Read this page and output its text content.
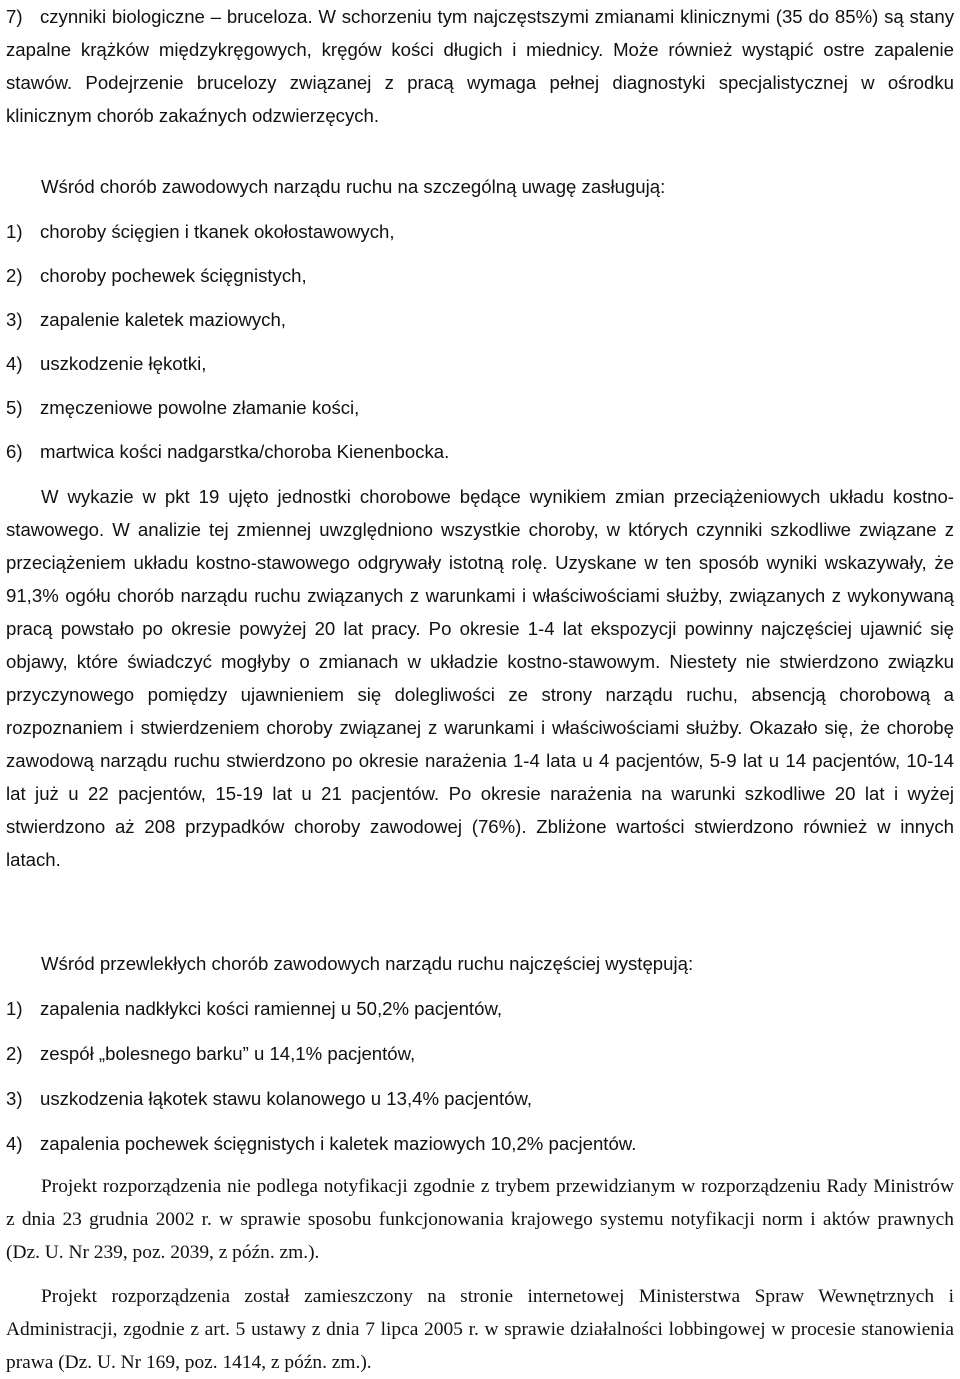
7) czynniki biologiczne – bruceloza. W schorzeniu tym najczęstszymi zmianami klinicznymi (35 do 85%) są stany zapalne krążków międzykręgowych, kręgów kości długich i miednicy. Może również wystąpić ostre zapalenie stawów. Podejrzenie brucelozy związanej z pracą wymaga pełnej diagnostyki specjalistycznej w ośrodku klinicznym chorób zakaźnych odzwierzęcych.
Wśród chorób zawodowych narządu ruchu na szczególną uwagę zasługują:
1) choroby ścięgien i tkanek okołostawowych,
2) choroby pochewek ścięgnistych,
3) zapalenie kaletek maziowych,
4) uszkodzenie łękotki,
5) zmęczeniowe powolne złamanie kości,
6) martwica kości nadgarstka/choroba Kienenbocka.
W wykazie w pkt 19 ujęto jednostki chorobowe będące wynikiem zmian przeciążeniowych układu kostno-stawowego. W analizie tej zmiennej uwzględniono wszystkie choroby, w których czynniki szkodliwe związane z przeciążeniem układu kostno-stawowego odgrywały istotną rolę. Uzyskane w ten sposób wyniki wskazywały, że 91,3% ogółu chorób narządu ruchu związanych z warunkami i właściwościami służby, związanych z wykonywaną pracą powstało po okresie powyżej 20 lat pracy. Po okresie 1-4 lat ekspozycji powinny najczęściej ujawnić się objawy, które świadczyć mogłyby o zmianach w układzie kostno-stawowym. Niestety nie stwierdzono związku przyczynowego pomiędzy ujawnieniem się dolegliwości ze strony narządu ruchu, absencją chorobową a rozpoznaniem i stwierdzeniem choroby związanej z warunkami i właściwościami służby. Okazało się, że chorobę zawodową narządu ruchu stwierdzono po okresie narażenia 1-4 lata u 4 pacjentów, 5-9 lat u 14 pacjentów, 10-14 lat już u 22 pacjentów, 15-19 lat u 21 pacjentów. Po okresie narażenia na warunki szkodliwe 20 lat i wyżej stwierdzono aż 208 przypadków choroby zawodowej (76%). Zbliżone wartości stwierdzono również w innych latach.
Wśród przewlekłych chorób zawodowych narządu ruchu najczęściej występują:
1) zapalenia nadkłykci kości ramiennej u 50,2% pacjentów,
2) zespół „bolesnego barku” u 14,1% pacjentów,
3) uszkodzenia łąkotek stawu kolanowego u 13,4% pacjentów,
4) zapalenia pochewek ścięgnistych i kaletek maziowych 10,2% pacjentów.
Projekt rozporządzenia nie podlega notyfikacji zgodnie z trybem przewidzianym w rozporządzeniu Rady Ministrów z dnia 23 grudnia 2002 r. w sprawie sposobu funkcjonowania krajowego systemu notyfikacji norm i aktów prawnych (Dz. U. Nr 239, poz. 2039, z późn. zm.).
Projekt rozporządzenia został zamieszczony na stronie internetowej Ministerstwa Spraw Wewnętrznych i Administracji, zgodnie z art. 5 ustawy z dnia 7 lipca 2005 r. w sprawie działalności lobbingowej w procesie stanowienia prawa (Dz. U. Nr 169, poz. 1414, z późn. zm.).
